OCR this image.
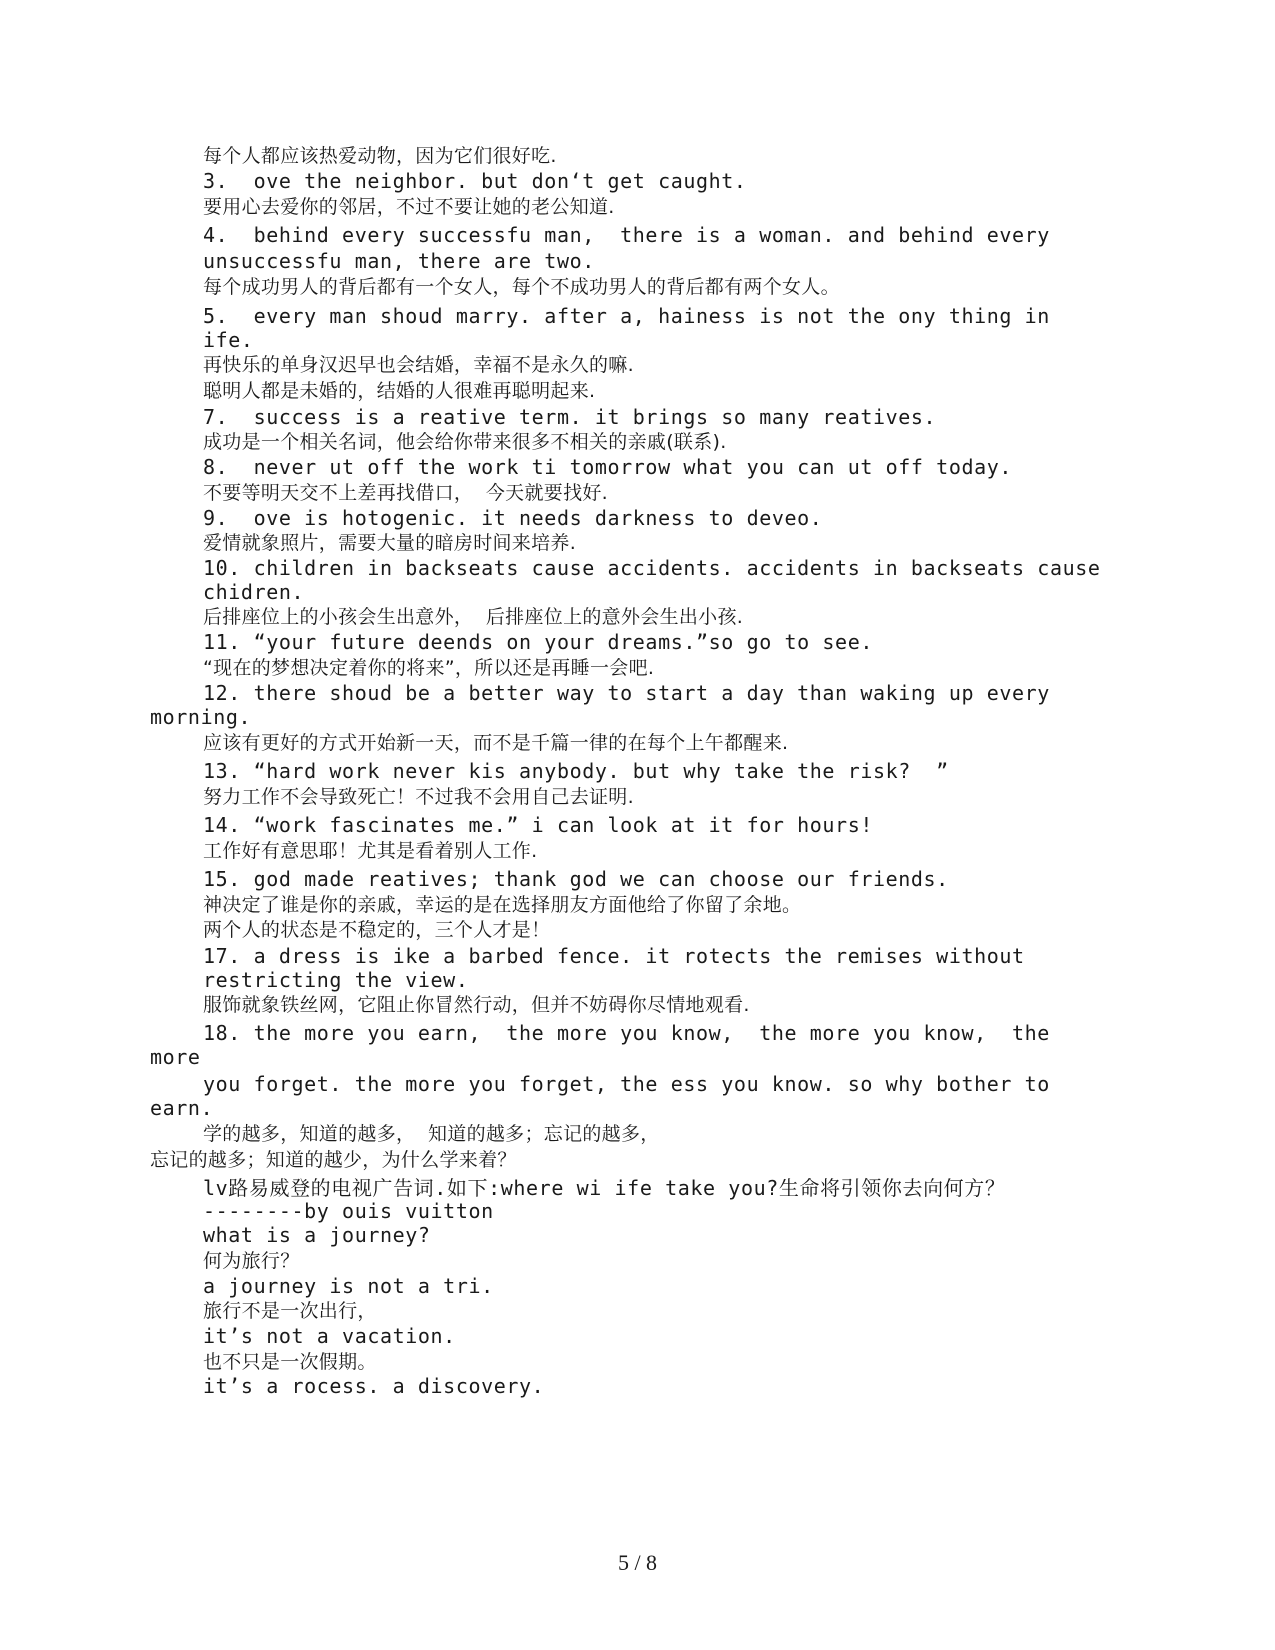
每个人都应该热爱动物，因为它们很好吃.

3.  ove the neighbor. but don‘t get caught.

要用心去爱你的邻居，不过不要让她的老公知道.

4.  behind every successfu man,  there is a woman. and behind every

unsuccessfu man, there are two.

每个成功男人的背后都有一个女人，每个不成功男人的背后都有两个女人。

5.  every man shoud marry. after a, hainess is not the ony thing in

ife.

再快乐的单身汉迟早也会结婚，幸福不是永久的嘛.

聪明人都是未婚的，结婚的人很难再聪明起来.

7.  success is a reative term. it brings so many reatives.

成功是一个相关名词，他会给你带来很多不相关的亲戚(联系).

8.  never ut off the work ti tomorrow what you can ut off today.

不要等明天交不上差再找借口，  今天就要找好.

9.  ove is hotogenic. it needs darkness to deveo.

爱情就象照片，需要大量的暗房时间来培养.

10. children in backseats cause accidents. accidents in backseats cause

chidren.

后排座位上的小孩会生出意外，  后排座位上的意外会生出小孩.

11. “your future deends on your dreams.”so go to see.

“现在的梦想决定着你的将来”，所以还是再睡一会吧.

12. there shoud be a better way to start a day than waking up every

morning.

应该有更好的方式开始新一天，而不是千篇一律的在每个上午都醒来.

13. “hard work never kis anybody. but why take the risk?  ”

努力工作不会导致死亡！不过我不会用自己去证明.

14. “work fascinates me.” i can look at it for hours!

工作好有意思耶！尤其是看着别人工作.

15. god made reatives; thank god we can choose our friends.

神决定了谁是你的亲戚，幸运的是在选择朋友方面他给了你留了余地。

两个人的状态是不稳定的，三个人才是！

17. a dress is ike a barbed fence. it rotects the remises without

restricting the view.

服饰就象铁丝网，它阻止你冒然行动，但并不妨碍你尽情地观看.

18. the more you earn,  the more you know,  the more you know,  the

more

you forget. the more you forget, the ess you know. so why bother to

earn.

学的越多，知道的越多，  知道的越多；忘记的越多，

忘记的越多；知道的越少，为什么学来着？

lv路易威登的电视广告词.如下:where wi ife take you?生命将引领你去向何方？

--------by ouis vuitton

what is a journey?

何为旅行？

a journey is not a tri.

旅行不是一次出行，

it’s not a vacation.

也不只是一次假期。

it’s a rocess. a discovery.

5 / 8
